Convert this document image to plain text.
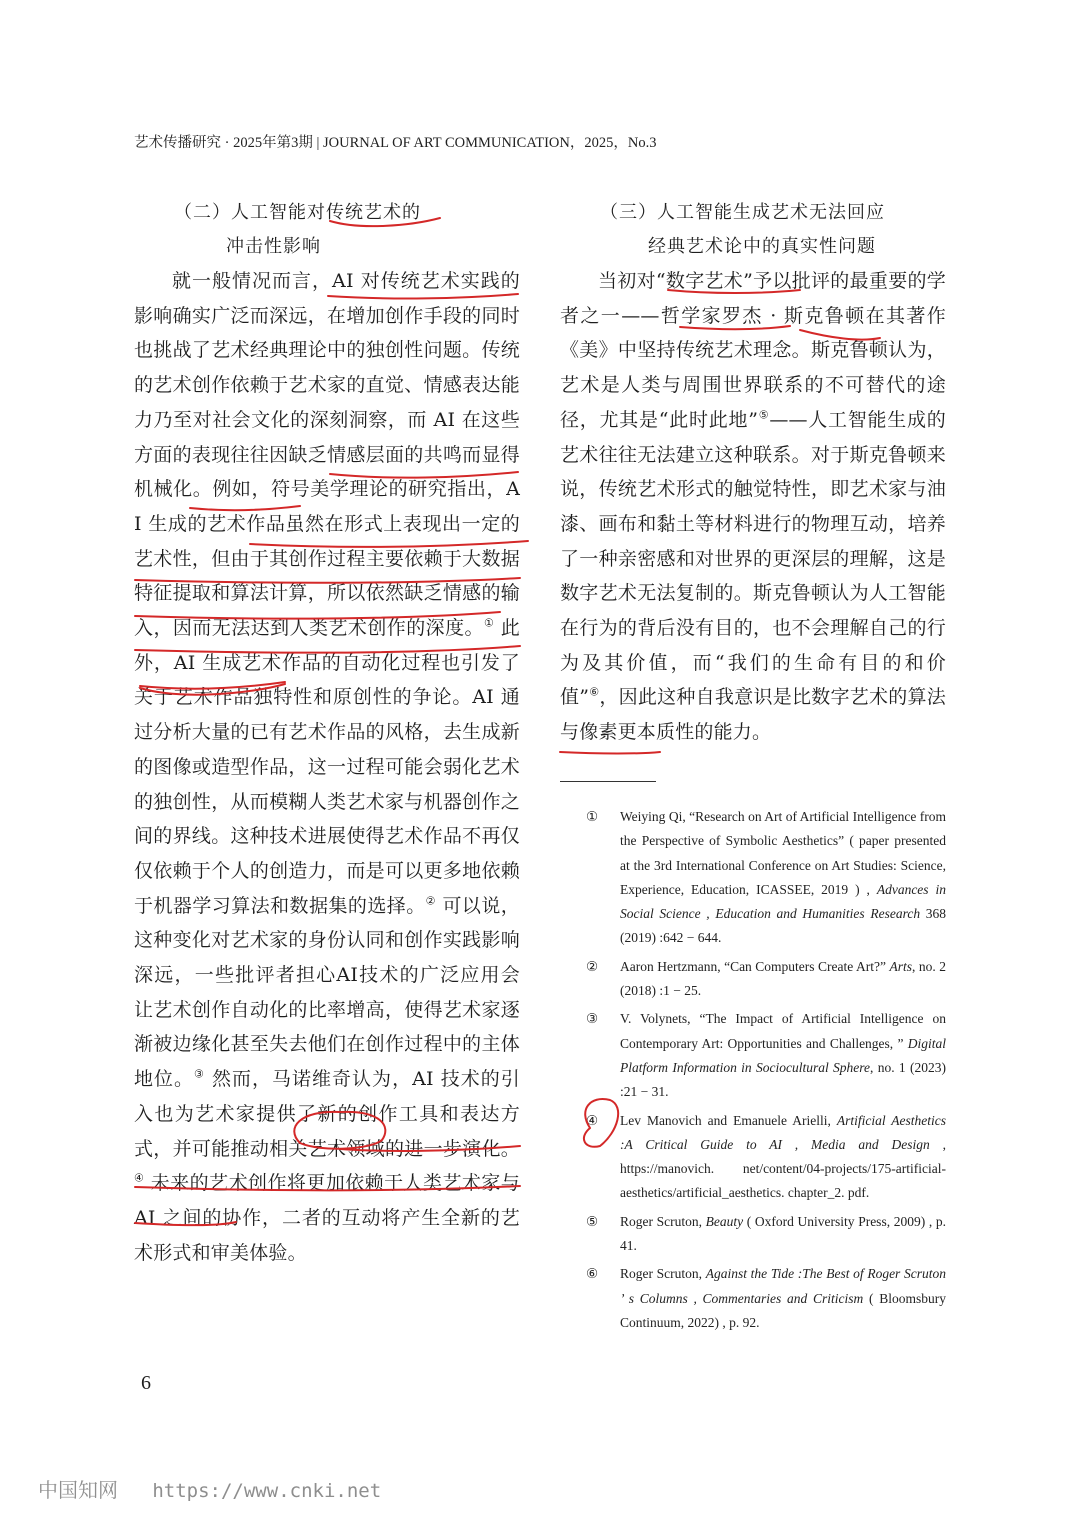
艺术传播研究 · 2025年第3期 | JOURNAL OF ART COMMUNICATION，2025，No.3

（二）人工智能对传统艺术的

冲击性影响

就一般情况而言，AI 对传统艺术实践的影响确实广泛而深远，在增加创作手段的同时也挑战了艺术经典理论中的独创性问题。传统的艺术创作依赖于艺术家的直觉、情感表达能力乃至对社会文化的深刻洞察，而 AI 在这些方面的表现往往因缺乏情感层面的共鸣而显得机械化。例如，符号美学理论的研究指出，AI 生成的艺术作品虽然在形式上表现出一定的艺术性，但由于其创作过程主要依赖于大数据特征提取和算法计算，所以依然缺乏情感的输入，因而无法达到人类艺术创作的深度。① 此外，AI 生成艺术作品的自动化过程也引发了关于艺术作品独特性和原创性的争论。AI 通过分析大量的已有艺术作品的风格，去生成新的图像或造型作品，这一过程可能会弱化艺术的独创性，从而模糊人类艺术家与机器创作之间的界线。这种技术进展使得艺术作品不再仅仅依赖于个人的创造力，而是可以更多地依赖于机器学习算法和数据集的选择。② 可以说，这种变化对艺术家的身份认同和创作实践影响深远，一些批评者担心AI技术的广泛应用会让艺术创作自动化的比率增高，使得艺术家逐渐被边缘化甚至失去他们在创作过程中的主体地位。③ 然而，马诺维奇认为，AI 技术的引入也为艺术家提供了新的创作工具和表达方式，并可能推动相关艺术领域的进一步演化。④ 未来的艺术创作将更加依赖于人类艺术家与 AI 之间的协作，二者的互动将产生全新的艺术形式和审美体验。

（三）人工智能生成艺术无法回应

经典艺术论中的真实性问题

当初对“数字艺术”予以批评的最重要的学者之一——哲学家罗杰 · 斯克鲁顿在其著作《美》中坚持传统艺术理念。斯克鲁顿认为，艺术是人类与周围世界联系的不可替代的途径，尤其是“此时此地”⑤——人工智能生成的艺术往往无法建立这种联系。对于斯克鲁顿来说，传统艺术形式的触觉特性，即艺术家与油漆、画布和黏土等材料进行的物理互动，培养了一种亲密感和对世界的更深层的理解，这是数字艺术无法复制的。斯克鲁顿认为人工智能在行为的背后没有目的，也不会理解自己的行为及其价值，而“我们的生命有目的和价值”⑥，因此这种自我意识是比数字艺术的算法与像素更本质性的能力。

① Weiying Qi, “Research on Art of Artificial Intelligence from the Perspective of Symbolic Aesthetics” ( paper presented at the 3rd International Conference on Art Studies: Science, Experience, Education, ICASSEE, 2019 ) , Advances in Social Science , Education and Humanities Research 368 (2019) :642 − 644.
② Aaron Hertzmann, “Can Computers Create Art?” Arts, no. 2 (2018) :1 − 25.
③ V. Volynets, “The Impact of Artificial Intelligence on Contemporary Art: Opportunities and Challenges, ” Digital Platform Information in Sociocultural Sphere, no. 1 (2023) :21 − 31.
④ Lev Manovich and Emanuele Arielli, Artificial Aesthetics :A Critical Guide to AI , Media and Design , https://manovich. net/content/04-projects/175-artificial-aesthetics/artificial_aesthetics. chapter_2. pdf.
⑤ Roger Scruton, Beauty ( Oxford University Press, 2009) , p. 41.
⑥ Roger Scruton, Against the Tide :The Best of Roger Scruton ’ s Columns , Commentaries and Criticism ( Bloomsbury Continuum, 2022) , p. 92.
6
中国知网 https://www.cnki.net
